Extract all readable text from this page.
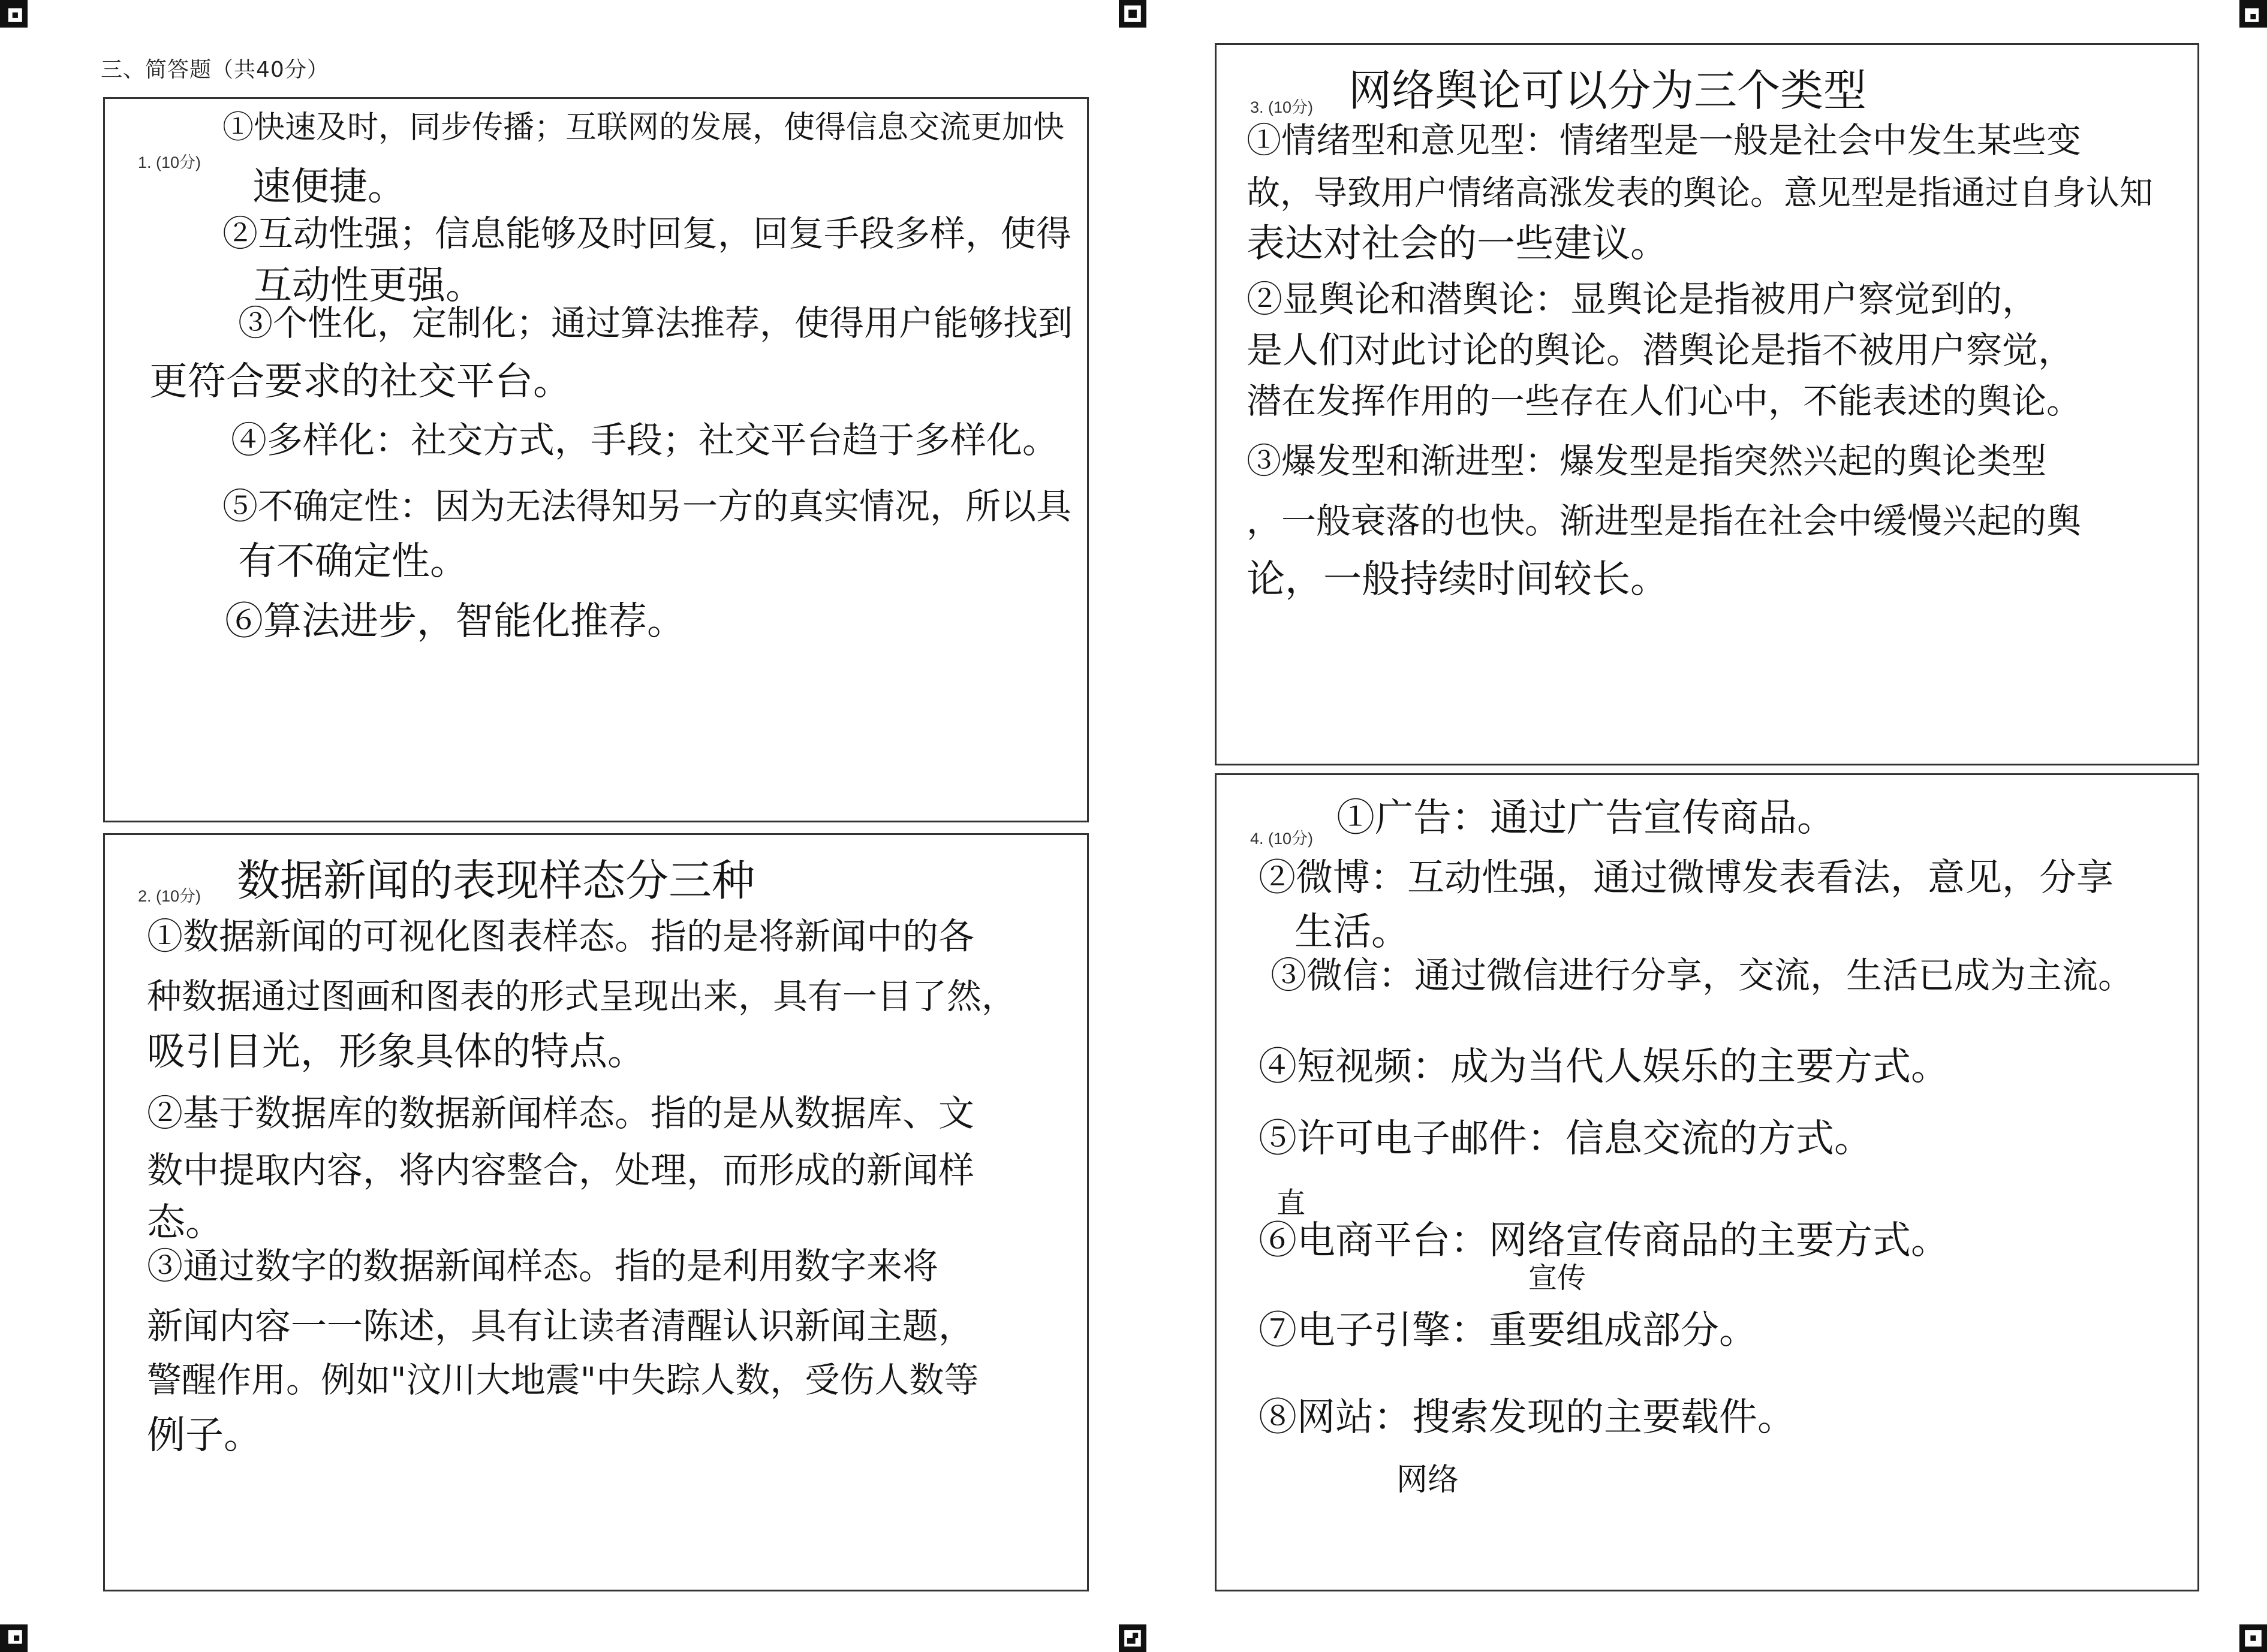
三、简答题（共40分）
1. (10分)
①快速及时，同步传播；互联网的发展，使得信息交流更加快
速便捷。
②互动性强；信息能够及时回复，回复手段多样，使得
互动性更强。
③个性化，定制化；通过算法推荐，使得用户能够找到
更符合要求的社交平台。
④多样化：社交方式，手段；社交平台趋于多样化。
⑤不确定性：因为无法得知另一方的真实情况，所以具
有不确定性。
⑥算法进步，智能化推荐。
2. (10分) 数据新闻的表现样态分三种
①数据新闻的可视化图表样态。指的是将新闻中的各
种数据通过图画和图表的形式呈现出来，具有一目了然，
吸引目光，形象具体的特点。
②基于数据库的数据新闻样态。指的是从数据库、文
数中提取内容，将内容整合，处理，而形成的新闻样
态。
③通过数字的数据新闻样态。指的是利用数字来将
新闻内容一一陈述，具有让读者清醒认识新闻主题，
警醒作用。例如"汶川大地震"中失踪人数，受伤人数等
例子。
3. (10分) 网络舆论可以分为三个类型
①情绪型和意见型：情绪型是一般是社会中发生某些变
故，导致用户情绪高涨发表的舆论。意见型是指通过自身认知
表达对社会的一些建议。
②显舆论和潜舆论：显舆论是指被用户察觉到的，
是人们对此讨论的舆论。潜舆论是指不被用户察觉，
潜在发挥作用的一些存在人们心中，不能表述的舆论。
③爆发型和渐进型：爆发型是指突然兴起的舆论类型
，一般衰落的也快。渐进型是指在社会中缓慢兴起的舆
论，一般持续时间较长。
4. (10分) ①广告：通过广告宣传商品。
②微博：互动性强，通过微博发表看法，意见，分享
生活。
③微信：通过微信进行分享，交流，生活已成为主流。
④短视频：成为当代人娱乐的主要方式。
⑤许可电子邮件：信息交流的方式。
直
⑥电商平台：网络宣传商品的主要方式。
宣传
⑦电子引擎：重要组成部分。
⑧网站：搜索发现的主要载件。
网络
